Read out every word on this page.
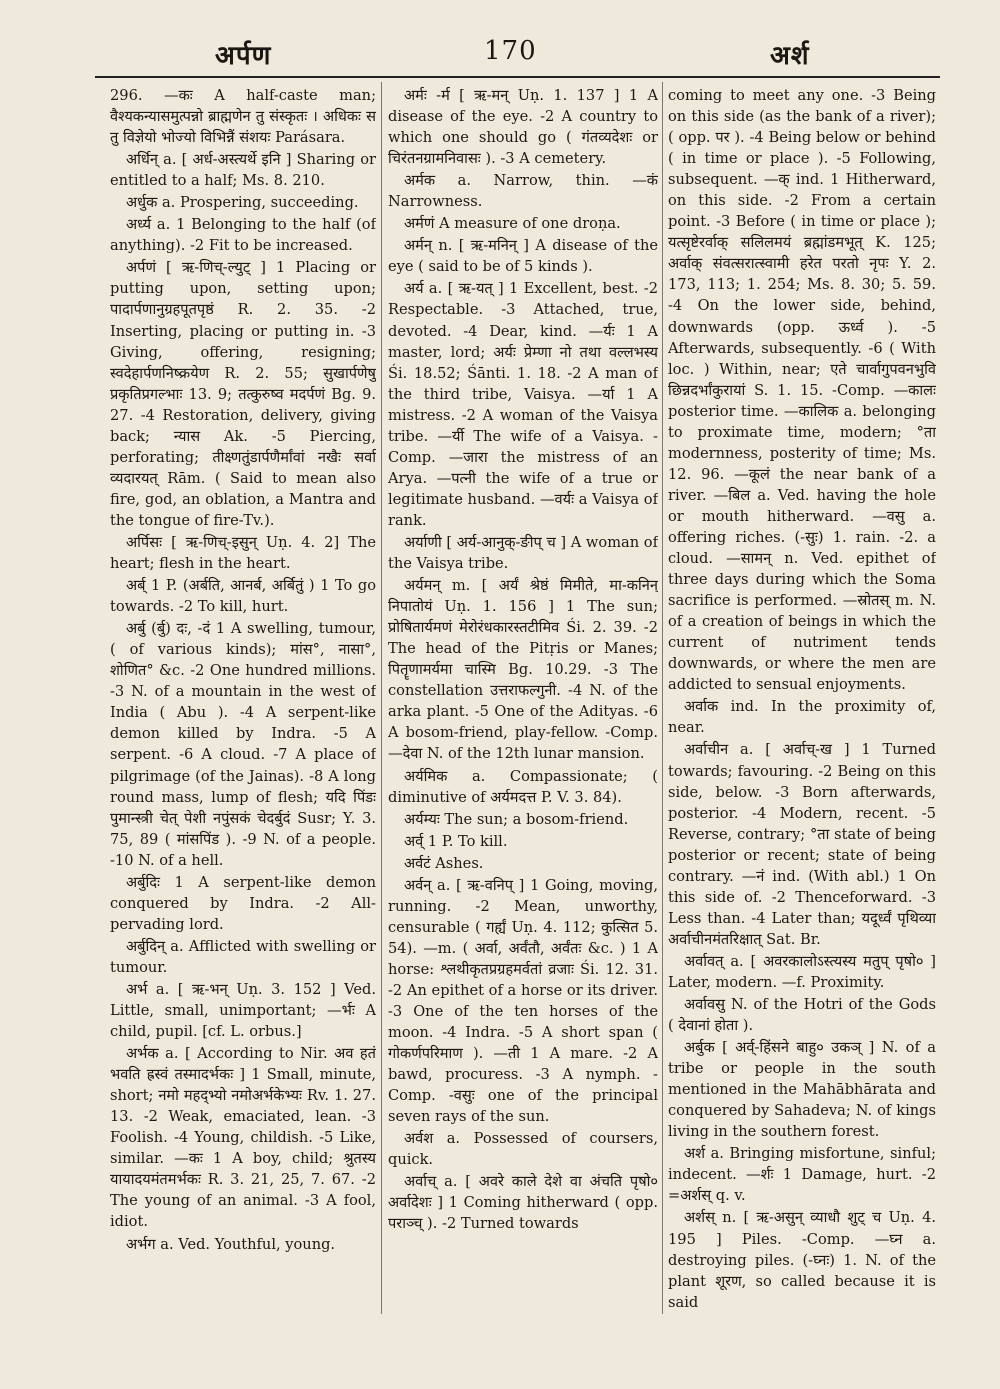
अर्पण	170	अर्श

296. —कः A half-caste man; वैश्यकन्यासमुत्पन्नो ब्राह्मणेन तु संस्कृतः । अधिकः स तु विज्ञेयो भोज्यो विभिन्नैं संशयः Parásara.

अर्धिन् a. [ अर्ध-अस्त्यर्थे इनि ] Sharing or entitled to a half; Ms. 8. 210.

अर्धुक a. Prospering, succeeding.

अर्ध्य a. 1 Belonging to the half (of anything). -2 Fit to be increased.

अर्पणं [ ऋ-णिच्-ल्युट् ] 1 Placing or putting upon, setting upon; पादार्पणानुग्रहपूतपृष्ठं R. 2. 35. -2 Inserting, placing or putting in. -3 Giving, offering, resigning; स्वदेहार्पणनिष्क्रयेण R. 2. 55; सुखार्पणेषु प्रकृतिप्रगल्भाः 13. 9; तत्कुरुष्व मदर्पणं Bg. 9. 27. -4 Restoration, delivery, giving back; न्यास Ak. -5 Piercing, perforating; तीक्ष्णतुंडार्पणैर्मांवां नखैः सर्वा व्यदारयत् Rām. ( Said to mean also fire, god, an oblation, a Mantra and the tongue of fire-Tv.).

अर्पिसः [ ऋ-णिच्-इसुन् Uṇ. 4. 2] The heart; flesh in the heart.

अर्ब् 1 P. (अर्बति, आनर्ब, अर्बितुं ) 1 To go towards. -2 To kill, hurt.

अर्बु (र्बु) दः, -दं 1 A swelling, tumour, ( of various kinds); मांस°, नासा°, शोणित° &c. -2 One hundred millions. -3 N. of a mountain in the west of India ( Abu ). -4 A serpent-like demon killed by Indra. -5 A serpent. -6 A cloud. -7 A place of pilgrimage (of the Jainas). -8 A long round mass, lump of flesh; यदि पिंडः पुमान्स्त्री चेत् पेशी नपुंसकं चेदर्बुदं Susr; Y. 3. 75, 89 ( मांसपिंड ). -9 N. of a people. -10 N. of a hell.

अर्बुदिः 1 A serpent-like demon conquered by Indra. -2 All-pervading lord.

अर्बुदिन् a. Afflicted with swelling or tumour.

अर्भ a. [ ऋ-भन् Uṇ. 3. 152 ] Ved. Little, small, unimportant; —र्भः A child, pupil. [cf. L. orbus.]

अर्भक a. [ According to Nir. अव हतं भवति ह्रस्वं तस्मादर्भकः ] 1 Small, minute, short; नमो महद्भ्यो नमोअर्भकेभ्यः Rv. 1. 27. 13. -2 Weak, emaciated, lean. -3 Foolish. -4 Young, childish. -5 Like, similar. —कः 1 A boy, child; श्रुतस्य यायादयमंतमर्भकः R. 3. 21, 25, 7. 67. -2 The young of an animal. -3 A fool, idiot.

अर्भग a. Ved. Youthful, young.

अर्मः -र्म [ ऋ-मन् Uṇ. 1. 137 ] 1 A disease of the eye. -2 A country to which one should go ( गंतव्यदेशः or चिरंतनग्रामनिवासः ). -3 A cemetery.

अर्मक a. Narrow, thin. —कं Narrowness.

अर्मणं A measure of one droṇa.

अर्मन् n. [ ऋ-मनिन् ] A disease of the eye ( said to be of 5 kinds ).

अर्य a. [ ऋ-यत् ] 1 Excellent, best. -2 Respectable. -3 Attached, true, devoted. -4 Dear, kind. —र्यः 1 A master, lord; अर्यः प्रेम्णा नो तथा वल्लभस्य Śi. 18.52; Śānti. 1. 18. -2 A man of the third tribe, Vaisya. —र्या 1 A mistress. -2 A woman of the Vaisya tribe. —र्यी The wife of a Vaisya. -Comp. —जारा the mistress of an Arya. —पत्नी the wife of a true or legitimate husband. —वर्यः a Vaisya of rank.

अर्याणी [ अर्य-आनुक्-ङीप् च ] A woman of the Vaisya tribe.

अर्यमन् m. [ अर्यं श्रेष्ठं मिमीते, मा-कनिन् निपातोयं Uṇ. 1. 156 ] 1 The sun; प्रोषितार्यमणं मेरोरंधकारस्तटीमिव Śi. 2. 39. -2 The head of the Pitṛis or Manes; पितॄणामर्यमा चास्मि Bg. 10.29. -3 The constellation उत्तराफल्गुनी. -4 N. of the arka plant. -5 One of the Adityas. -6 A bosom-friend, play-fellow. -Comp. —देवा N. of the 12th lunar mansion.

अर्यमिक a. Compassionate; ( diminutive of अर्यमदत्त P. V. 3. 84).

अर्यम्यः The sun; a bosom-friend.

अर्व् 1 P. To kill.

अर्वटं Ashes.

अर्वन् a. [ ऋ-वनिप् ] 1 Going, moving, running. -2 Mean, unworthy, censurable ( गर्ह्यं Uṇ. 4. 112; कुत्सित 5. 54). —m. ( अर्वा, अर्वंतौ, अर्वंतः &c. ) 1 A horse: श्लथीकृतप्रग्रहमर्वतां व्रजाः Śi. 12. 31. -2 An epithet of a horse or its driver. -3 One of the ten horses of the moon. -4 Indra. -5 A short span ( गोकर्णपरिमाण ). —ती 1 A mare. -2 A bawd, procuress. -3 A nymph. -Comp. -वसुः one of the principal seven rays of the sun.

अर्वश a. Possessed of coursers, quick.

अर्वाच् a. [ अवरे काले देशे वा अंचति पृषो० अर्वादेशः ] 1 Coming hitherward ( opp. पराञ्च् ). -2 Turned towards

coming to meet any one. -3 Being on this side (as the bank of a river); ( opp. पर ). -4 Being below or behind ( in time or place ). -5 Following, subsequent. —क् ind. 1 Hitherward, on this side. -2 From a certain point. -3 Before ( in time or place ); यत्सृष्टेरर्वाक् सलिलमयं ब्रह्मांडमभूत् K. 125; अर्वाक् संवत्सरात्स्वामी हरेत परतो नृपः Y. 2. 173, 113; 1. 254; Ms. 8. 30; 5. 59. -4 On the lower side, behind, downwards (opp. ऊर्ध्व ). -5 Afterwards, subsequently. -6 ( With loc. ) Within, near; एते चार्वागुपवनभुवि छिन्नदर्भांकुरायां S. 1. 15. -Comp. —कालः posterior time. —कालिक a. belonging to proximate time, modern; °ता modernness, posterity of time; Ms. 12. 96. —कूलं the near bank of a river. —बिल a. Ved. having the hole or mouth hitherward. —वसु a. offering riches. (-सुः) 1. rain. -2. a cloud. —सामन् n. Ved. epithet of three days during which the Soma sacrifice is performed. —स्रोतस् m. N. of a creation of beings in which the current of nutriment tends downwards, or where the men are addicted to sensual enjoyments.

अर्वाक ind. In the proximity of, near.

अर्वाचीन a. [ अर्वाच्-ख ] 1 Turned towards; favouring. -2 Being on this side, below. -3 Born afterwards, posterior. -4 Modern, recent. -5 Reverse, contrary; °ता state of being posterior or recent; state of being contrary. —नं ind. (With abl.) 1 On this side of. -2 Thenceforward. -3 Less than. -4 Later than; यदूर्ध्वं पृथिव्या अर्वाचीनमंतरिक्षात् Sat. Br.

अर्वावत् a. [ अवरकालोऽस्त्यस्य मतुप् पृषो० ] Later, modern. —f. Proximity.

अर्वावसु N. of the Hotri of the Gods ( देवानां होता ).

अर्बुक [ अर्व्-हिंसने बाहु० उकञ् ] N. of a tribe or people in the south mentioned in the Mahābhārata and conquered by Sahadeva; N. of kings living in the southern forest.

अर्श a. Bringing misfortune, sinful; indecent. —र्शः 1 Damage, hurt. -2 =अर्शस् q. v.

अर्शस् n. [ ऋ-असुन् व्याधौ शुट् च Uṇ. 4. 195 ] Piles. -Comp. —घ्न a. destroying piles. (-घ्नः) 1. N. of the plant शूरण, so called because it is said
